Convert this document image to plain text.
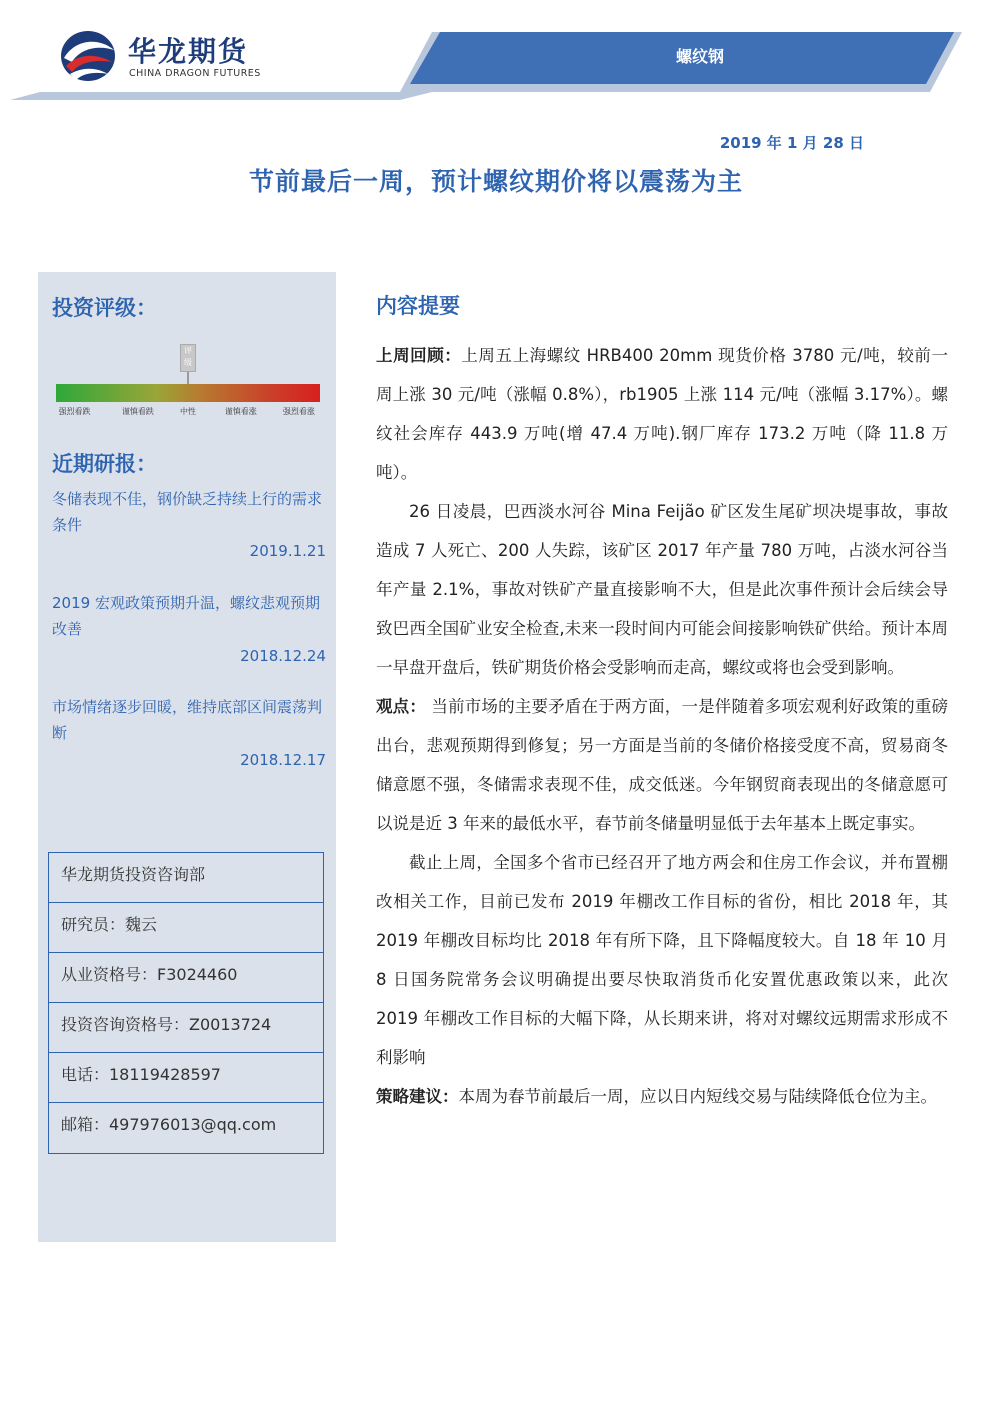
华龙期货
CHINA DRAGON FUTURES
螺纹钢
2019 年 1 月 28 日
节前最后一周，预计螺纹期价将以震荡为主
投资评级：
评级
强烈看跌	谨慎看跌	中性	谨慎看涨	强烈看涨
近期研报：
冬储表现不佳，钢价缺乏持续上行的需求条件
2019.1.21
2019 宏观政策预期升温，螺纹悲观预期改善
2018.12.24
市场情绪逐步回暖，维持底部区间震荡判断
2018.12.17
华龙期货投资咨询部
研究员：魏云
从业资格号：F3024460
投资咨询资格号：Z0013724
电话：18119428597
邮箱：497976013@qq.com
内容提要

上周回顾：上周五上海螺纹 HRB400 20mm 现货价格 3780 元/吨，较前一周上涨 30 元/吨（涨幅 0.8%），rb1905 上涨 114 元/吨（涨幅 3.17%）。螺纹社会库存 443.9 万吨(增 47.4 万吨).钢厂库存 173.2 万吨（降 11.8 万吨）。

26 日凌晨，巴西淡水河谷 Mina Feijão 矿区发生尾矿坝决堤事故，事故造成 7 人死亡、200 人失踪，该矿区 2017 年产量 780 万吨，占淡水河谷当年产量 2.1%，事故对铁矿产量直接影响不大，但是此次事件预计会后续会导致巴西全国矿业安全检查,未来一段时间内可能会间接影响铁矿供给。预计本周一早盘开盘后，铁矿期货价格会受影响而走高，螺纹或将也会受到影响。

观点： 当前市场的主要矛盾在于两方面，一是伴随着多项宏观利好政策的重磅出台，悲观预期得到修复；另一方面是当前的冬储价格接受度不高，贸易商冬储意愿不强，冬储需求表现不佳，成交低迷。今年钢贸商表现出的冬储意愿可以说是近 3 年来的最低水平，春节前冬储量明显低于去年基本上既定事实。

截止上周，全国多个省市已经召开了地方两会和住房工作会议，并布置棚改相关工作，目前已发布 2019 年棚改工作目标的省份，相比 2018 年，其 2019 年棚改目标均比 2018 年有所下降，且下降幅度较大。自 18 年 10 月 8 日国务院常务会议明确提出要尽快取消货币化安置优惠政策以来，此次 2019 年棚改工作目标的大幅下降，从长期来讲，将对对螺纹远期需求形成不利影响

策略建议：本周为春节前最后一周，应以日内短线交易与陆续降低仓位为主。
